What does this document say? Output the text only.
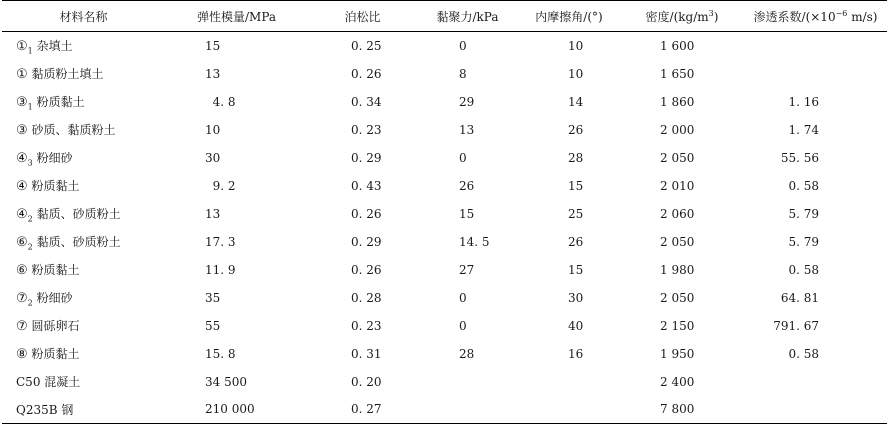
材料名称	弹性模量/MPa	泊松比	黏聚力/kPa	内摩擦角/(°)	密度$/(kg/m^3)$	渗透系数$/(\times 10^{-6}$ m/s)
$①_1$ 杂填土	15	0. 25	0	10	1 600	
① 黏质粉土填土	13	0. 26	8	10	1 650	
$③_1$ 粉质黏土	4. 8	0. 34	29	14	1 860	1. 16
③ 砂质、黏质粉土	10	0. 23	13	26	2 000	1. 74
$④_3$ 粉细砂	30	0. 29	0	28	2 050	55. 56
④ 粉质黏土	9. 2	0. 43	26	15	2 010	0. 58
$④_2$ 黏质、砂质粉土	13	0. 26	15	25	2 060	5. 79
$⑥_2$ 黏质、砂质粉土	17. 3	0. 29	14. 5	26	2 050	5. 79
⑥ 粉质黏土	11. 9	0. 26	27	15	1 980	0. 58
$⑦_2$ 粉细砂	35	0. 28	0	30	2 050	64. 81
⑦ 圆砾卵石	55	0. 23	0	40	2 150	791. 67
⑧ 粉质黏土	15. 8	0. 31	28	16	1 950	0. 58
C50 混凝土	34 500	0. 20			2 400	
Q235B 钢	210 000	0. 27			7 800	
